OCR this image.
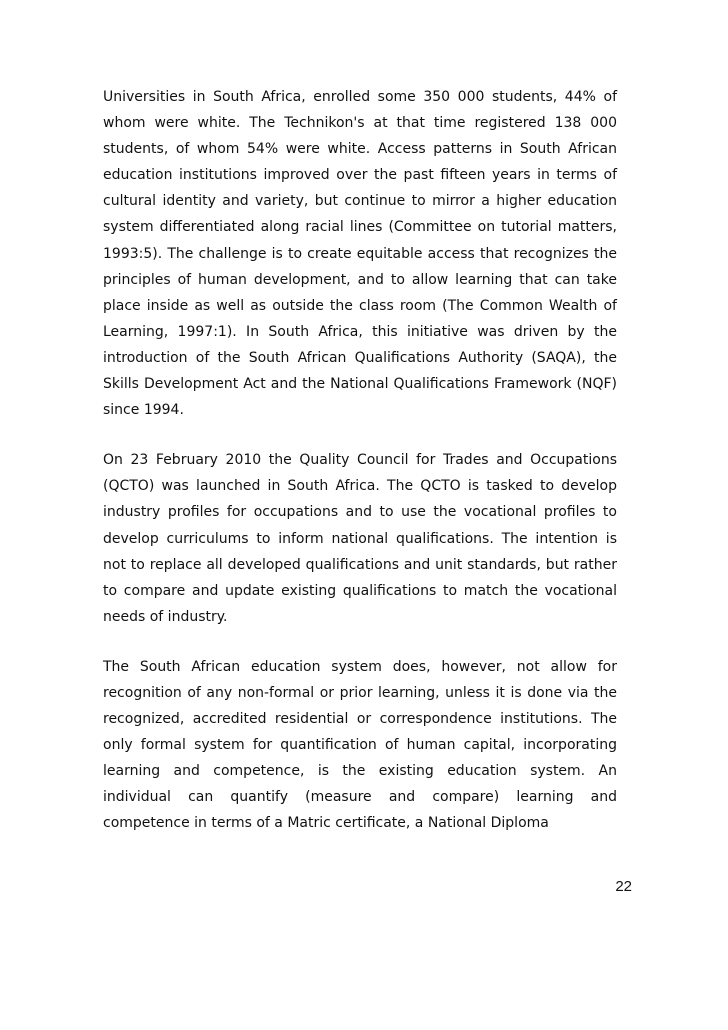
Universities in South Africa, enrolled some 350 000 students, 44% of whom were white. The Technikon's at that time registered 138 000 students, of whom 54% were white. Access patterns in South African education institutions improved over the past fifteen years in terms of cultural identity and variety, but continue to mirror a higher education system differentiated along racial lines (Committee on tutorial matters, 1993:5). The challenge is to create equitable access that recognizes the principles of human development, and to allow learning that can take place inside as well as outside the class room (The Common Wealth of Learning, 1997:1). In South Africa, this initiative was driven by the introduction of the South African Qualifications Authority (SAQA), the Skills Development Act and the National Qualifications Framework (NQF) since 1994.

On 23 February 2010 the Quality Council for Trades and Occupations (QCTO) was launched in South Africa. The QCTO is tasked to develop industry profiles for occupations and to use the vocational profiles to develop curriculums to inform national qualifications. The intention is not to replace all developed qualifications and unit standards, but rather to compare and update existing qualifications to match the vocational needs of industry.

The South African education system does, however, not allow for recognition of any non-formal or prior learning, unless it is done via the recognized, accredited residential or correspondence institutions. The only formal system for quantification of human capital, incorporating learning and competence, is the existing education system. An individual can quantify (measure and compare) learning and competence in terms of a Matric certificate, a National Diploma

22
